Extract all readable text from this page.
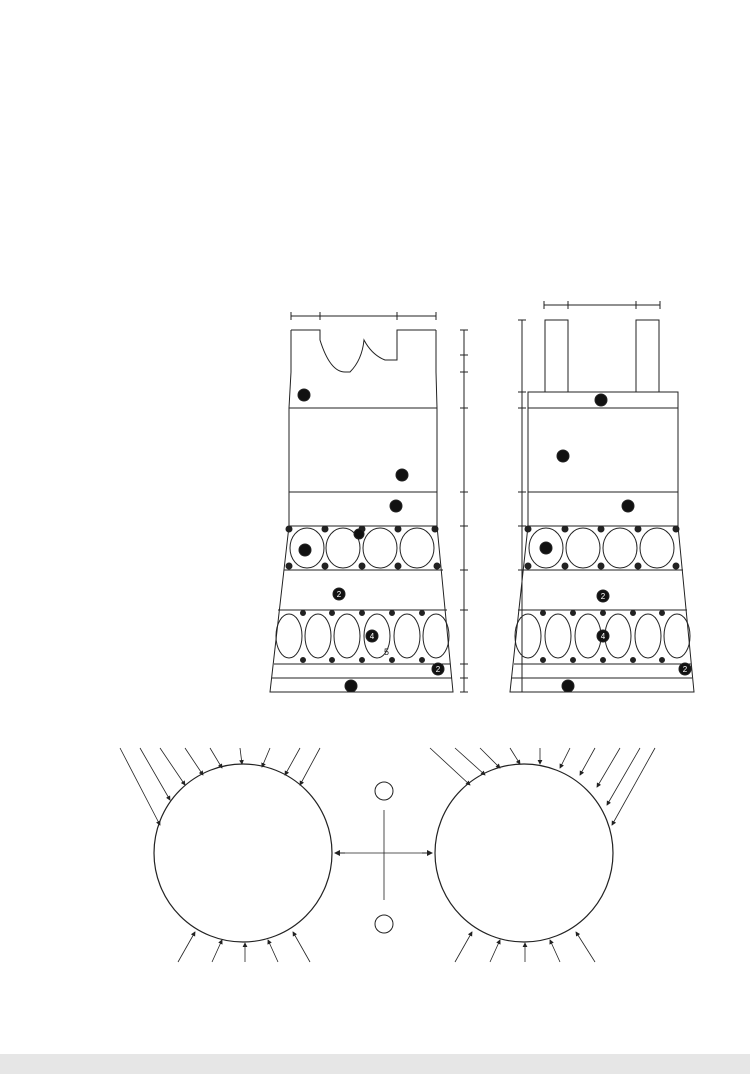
4
5
2
2
2
4
2
